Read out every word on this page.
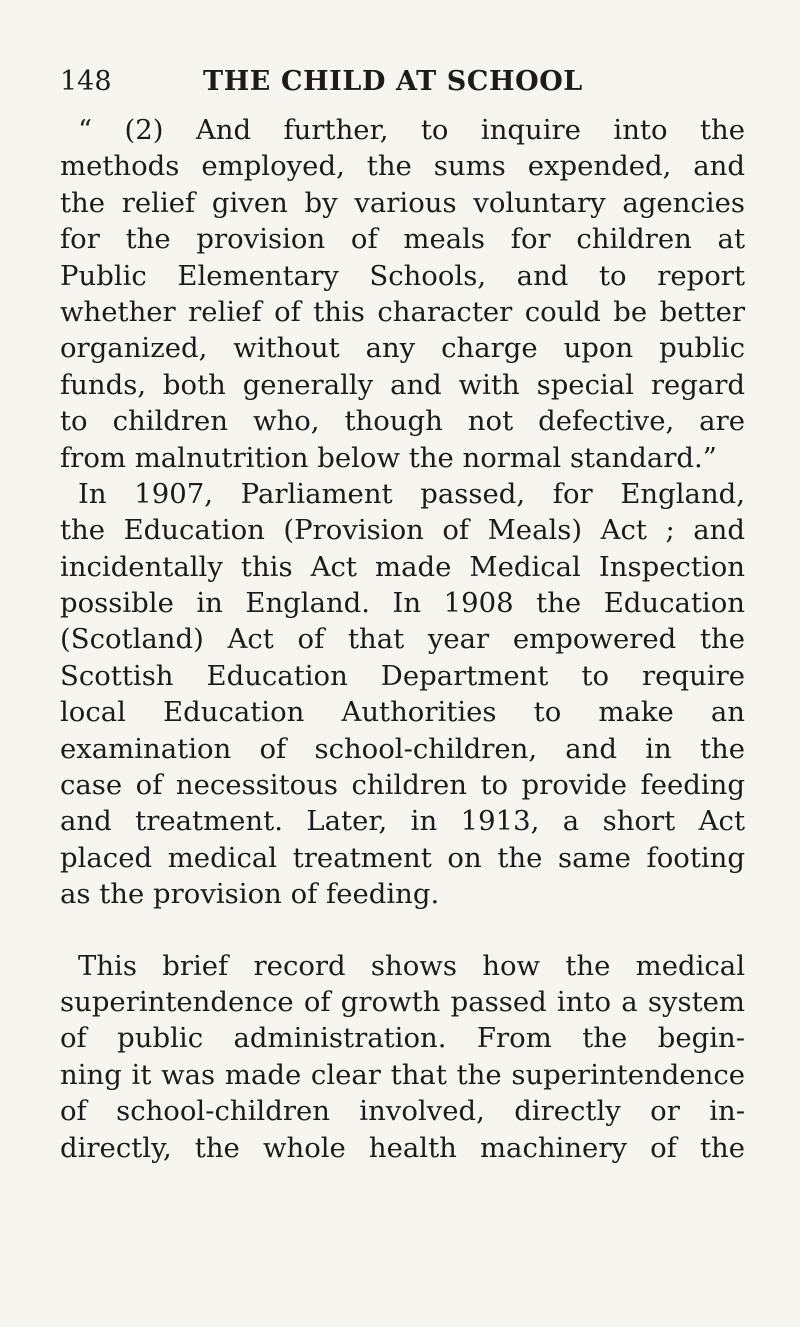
148	THE CHILD AT SCHOOL
“ (2) And further, to inquire into the
methods employed, the sums expended, and
the relief given by various voluntary agencies
for the provision of meals for children at
Public Elementary Schools, and to report
whether relief of this character could be better
organized, without any charge upon public
funds, both generally and with special regard
to children who, though not defective, are
from malnutrition below the normal standard.”
In 1907, Parliament passed, for England,
the Education (Provision of Meals) Act ; and
incidentally this Act made Medical Inspection
possible in England. In 1908 the Education
(Scotland) Act of that year empowered the
Scottish Education Department to require
local Education Authorities to make an
examination of school-children, and in the
case of necessitous children to provide feeding
and treatment. Later, in 1913, a short Act
placed medical treatment on the same footing
as the provision of feeding.
This brief record shows how the medical
superintendence of growth passed into a system
of public administration. From the begin-
ning it was made clear that the superintendence
of school-children involved, directly or in-
directly, the whole health machinery of the
